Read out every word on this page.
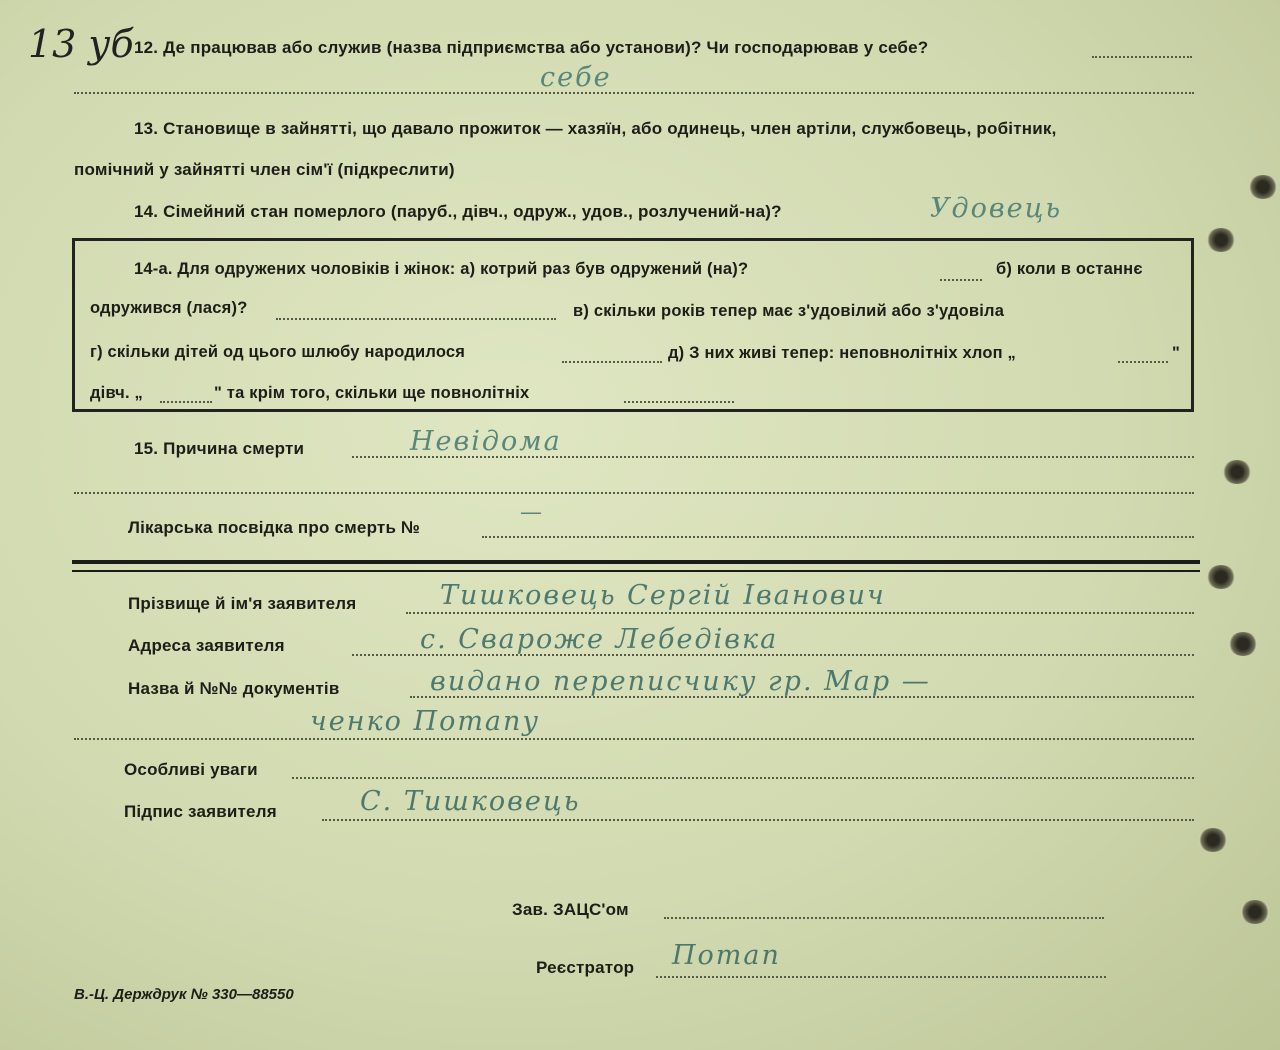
13 уб 12. Де працював або служив (назва підприємства або установи)? Чи господарював у себе?
себе
13. Становище в зайнятті, що давало прожиток — хазяїн, або одинець, член артіли, службовець, робітник,
помічний у зайнятті член сім'ї (підкреслити)
14. Сімейний стан померлого (паруб., дівч., одруж., удов., розлучений-на)?	Удовець
14-а. Для одружених чоловіків і жінок: а) котрий раз був одружений (на)?	б) коли в останнє
одружився (лася)?	в) скільки років тепер має з'удовілий або з'удовіла
г) скільки дітей од цього шлюбу народилося	д) З них живі тепер: неповнолітніх хлоп „	"
дівч. „	" та крім того, скільки ще повнолітніх
15. Причина смерти	Невідома
Лікарська посвідка про смерть №
—
Прізвище й ім'я заявителя	Тишковець Сергій Іванович
Адреса заявителя	с. Свароже Лебедівка
Назва й №№ документів	видано переписчику гр. Мар —
ченко Потапу
Особливі уваги
Підпис заявителя	С. Тишковець
Зав. ЗАЦС'ом
Реєстратор Потап
В.-Ц. Держдрук № 330—88550
